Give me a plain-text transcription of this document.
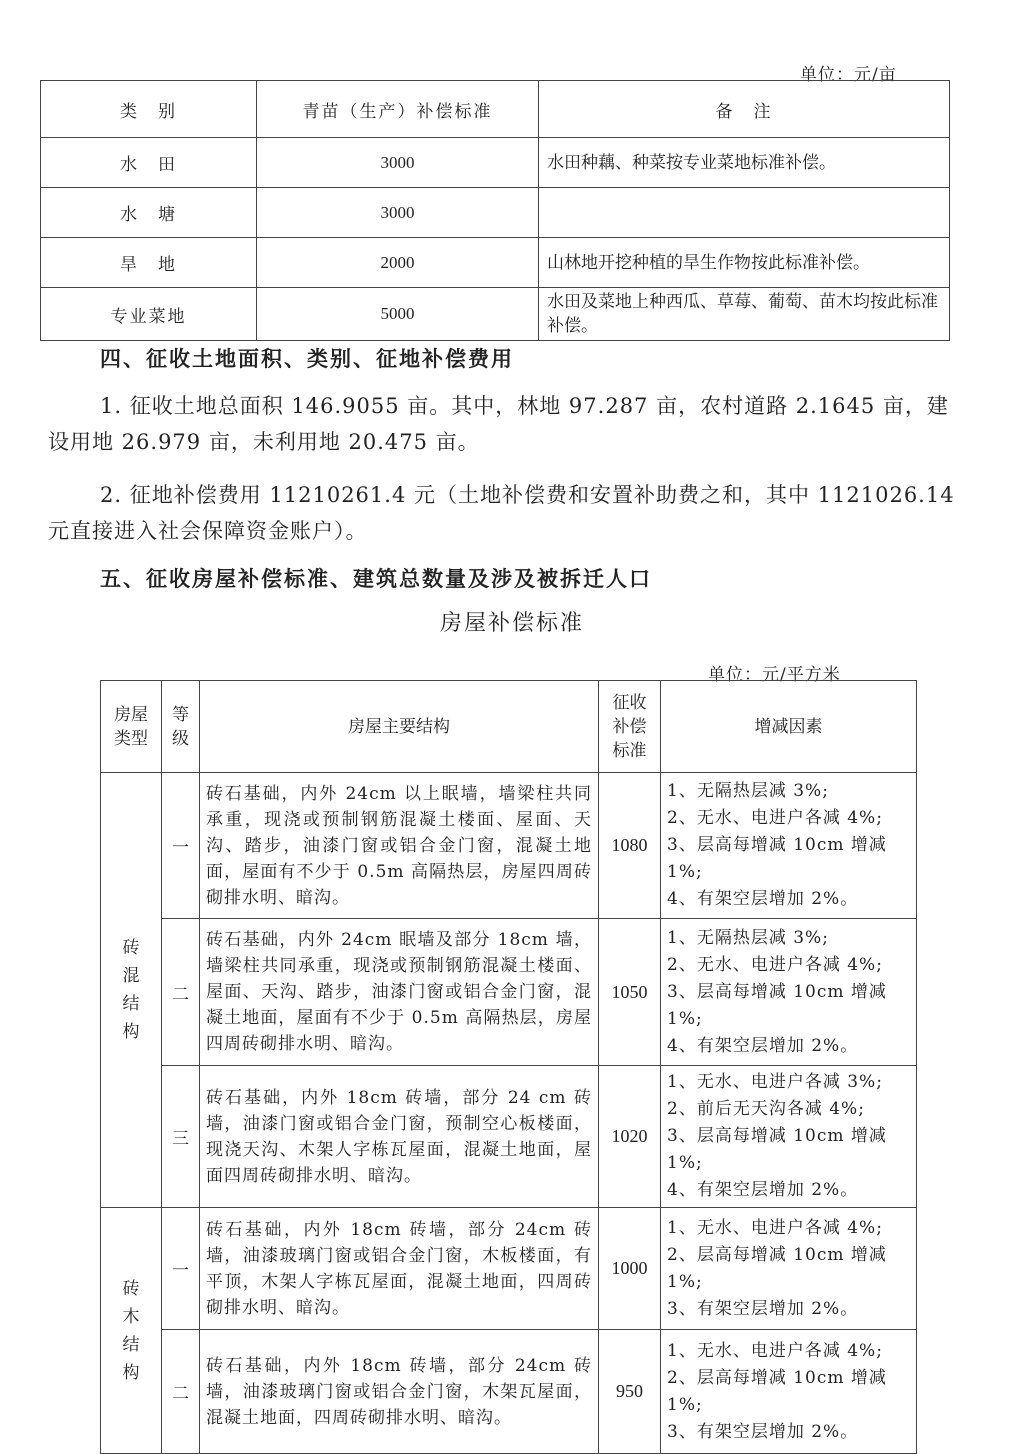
单位：元/亩
类　别	青苗（生产）补偿标准	备　注
水　田	3000	水田种藕、种菜按专业菜地标准补偿。
水　塘	3000	
旱　地	2000	山林地开挖种植的旱生作物按此标准补偿。
专业菜地	5000	水田及菜地上种西瓜、草莓、葡萄、苗木均按此标准补偿。
四、征收土地面积、类别、征地补偿费用
1. 征收土地总面积 146.9055 亩。其中，林地 97.287 亩，农村道路 2.1645 亩，建设用地 26.979 亩，未利用地 20.475 亩。
2. 征地补偿费用 11210261.4 元（土地补偿费和安置补助费之和，其中 1121026.14 元直接进入社会保障资金账户）。
五、征收房屋补偿标准、建筑总数量及涉及被拆迁人口
房屋补偿标准
单位：元/平方米
房屋类型	等级	房屋主要结构	征收补偿标准	增减因素
砖混结构	一	砖石基础，内外 24cm 以上眠墙，墙梁柱共同承重，现浇或预制钢筋混凝土楼面、屋面、天沟、踏步，油漆门窗或铝合金门窗，混凝土地面，屋面有不少于 0.5m 高隔热层，房屋四周砖砌排水明、暗沟。	1080	1、无隔热层减 3%;
2、无水、电进户各减 4%;
3、层高每增减 10cm 增减 1%;
4、有架空层增加 2%。

	二	砖石基础，内外 24cm 眠墙及部分 18cm 墙，墙梁柱共同承重，现浇或预制钢筋混凝土楼面、屋面、天沟、踏步，油漆门窗或铝合金门窗，混凝土地面，屋面有不少于 0.5m 高隔热层，房屋四周砖砌排水明、暗沟。	1050	1、无隔热层减 3%;
2、无水、电进户各减 4%;
3、层高每增减 10cm 增减 1%;
4、有架空层增加 2%。

	三	砖石基础，内外 18cm 砖墙，部分 24 cm 砖墙，油漆门窗或铝合金门窗，预制空心板楼面，现浇天沟、木架人字栋瓦屋面，混凝土地面，屋面四周砖砌排水明、暗沟。	1020	1、无水、电进户各减 3%;
2、前后无天沟各减 4%;
3、层高每增减 10cm 增减 1%;
4、有架空层增加 2%。

砖木结构	一	砖石基础，内外 18cm 砖墙，部分 24cm 砖墙，油漆玻璃门窗或铝合金门窗，木板楼面，有平顶，木架人字栋瓦屋面，混凝土地面，四周砖砌排水明、暗沟。	1000	1、无水、电进户各减 4%;
2、层高每增减 10cm 增减 1%;
3、有架空层增加 2%。

	二	砖石基础，内外 18cm 砖墙，部分 24cm 砖墙，油漆玻璃门窗或铝合金门窗，木架瓦屋面，混凝土地面，四周砖砌排水明、暗沟。	950	1、无水、电进户各减 4%;
2、层高每增减 10cm 增减 1%;
3、有架空层增加 2%。
